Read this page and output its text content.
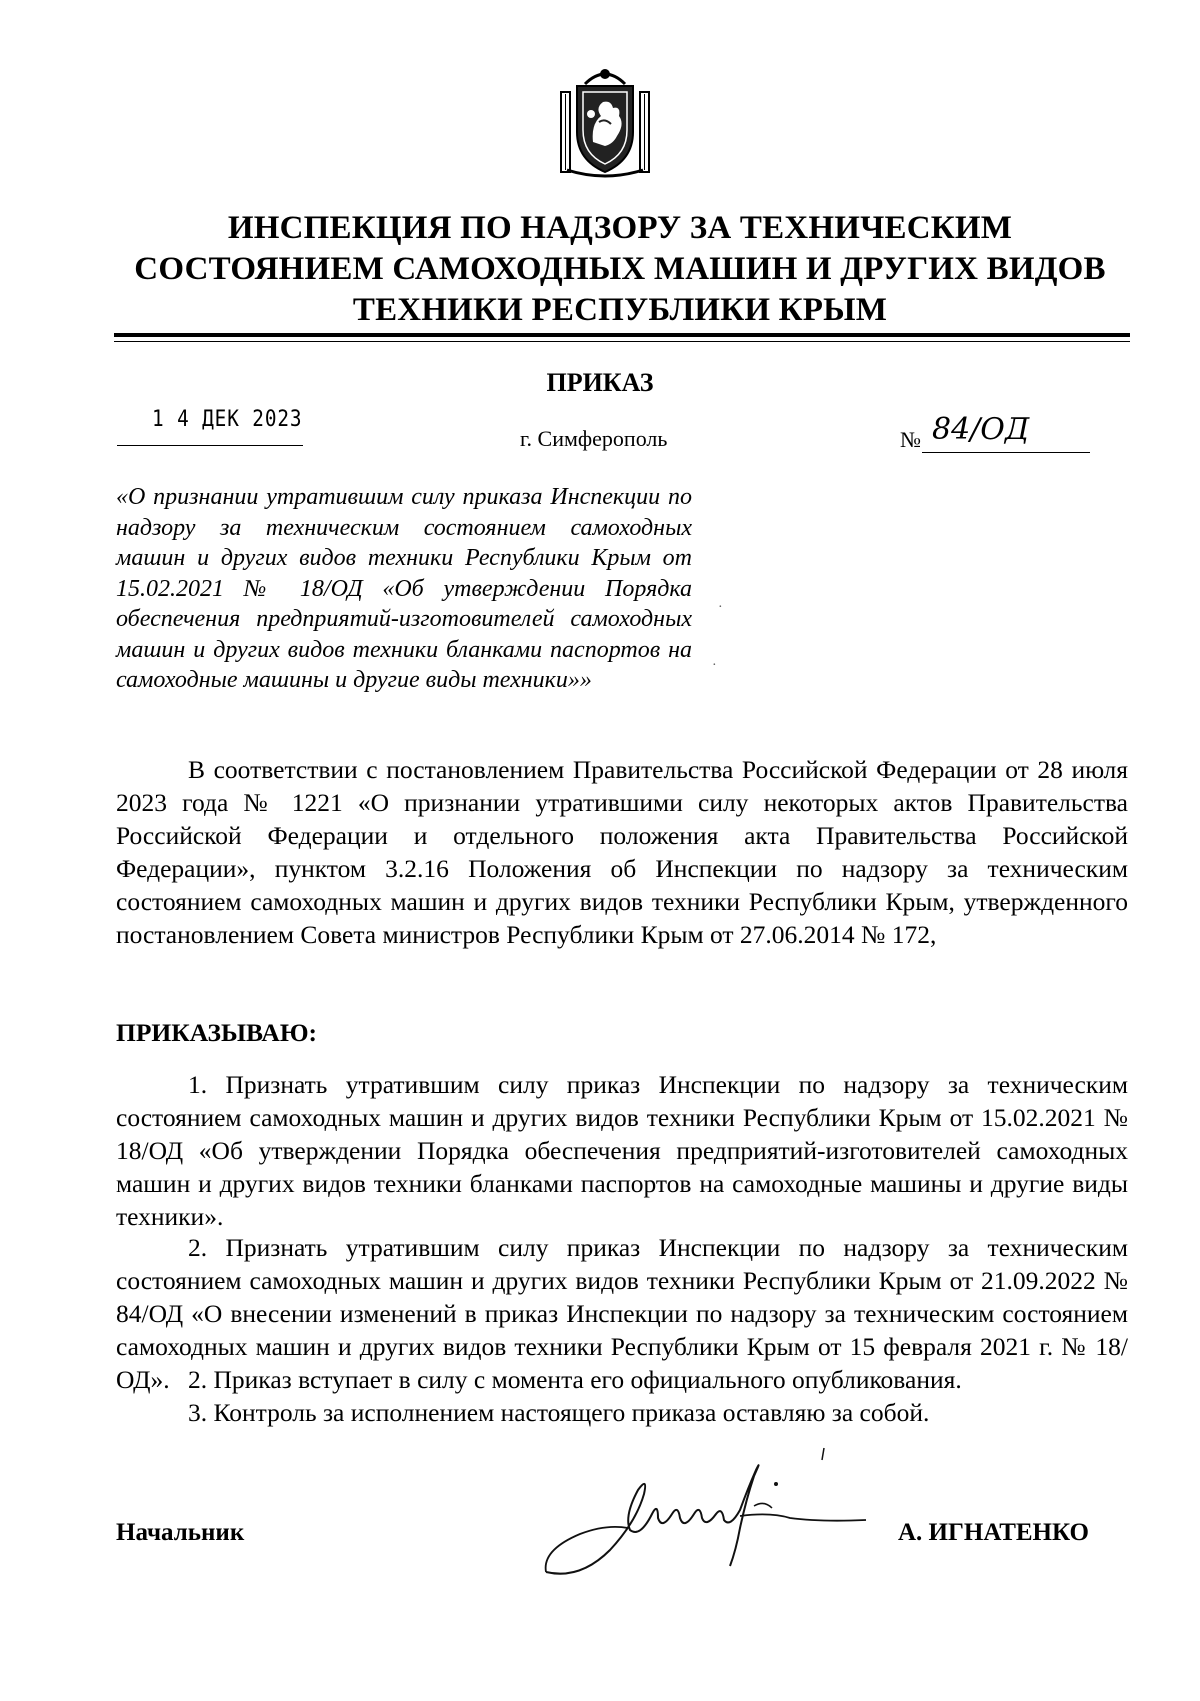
ИНСПЕКЦИЯ ПО НАДЗОРУ ЗА ТЕХНИЧЕСКИМ
СОСТОЯНИЕМ САМОХОДНЫХ МАШИН И ДРУГИХ ВИДОВ
ТЕХНИКИ РЕСПУБЛИКИ КРЫМ
ПРИКАЗ
1 4 ДЕК 2023
г. Симферополь	№ 84/ОД
«О признании утратившим силу приказа Инспекции по надзору за техническим состоянием самоходных машин и других видов техники Республики Крым от 15.02.2021 № 18/ОД «Об утверждении Порядка обеспечения предприятий-изготовителей самоходных машин и других видов техники бланками паспортов на самоходные машины и другие виды техники»»
В соответствии с постановлением Правительства Российской Федерации от 28 июля 2023 года № 1221 «О признании утратившими силу некоторых актов Правительства Российской Федерации и отдельного положения акта Правительства Российской Федерации», пунктом 3.2.16 Положения об Инспекции по надзору за техническим состоянием самоходных машин и других видов техники Республики Крым, утвержденного постановлением Совета министров Республики Крым от 27.06.2014 № 172,
ПРИКАЗЫВАЮ:
1. Признать утратившим силу приказ Инспекции по надзору за техническим состоянием самоходных машин и других видов техники Республики Крым от 15.02.2021 № 18/ОД «Об утверждении Порядка обеспечения предприятий-изготовителей самоходных машин и других видов техники бланками паспортов на самоходные машины и другие виды техники».
2. Признать утратившим силу приказ Инспекции по надзору за техническим состоянием самоходных машин и других видов техники Республики Крым от 21.09.2022 № 84/ОД «О внесении изменений в приказ Инспекции по надзору за техническим состоянием самоходных машин и других видов техники Республики Крым от 15 февраля 2021 г. № 18/ОД». 2. Приказ вступает в силу с момента его официального опубликования.
3. Контроль за исполнением настоящего приказа оставляю за собой.
Начальник	А. ИГНАТЕНКО
·
·
